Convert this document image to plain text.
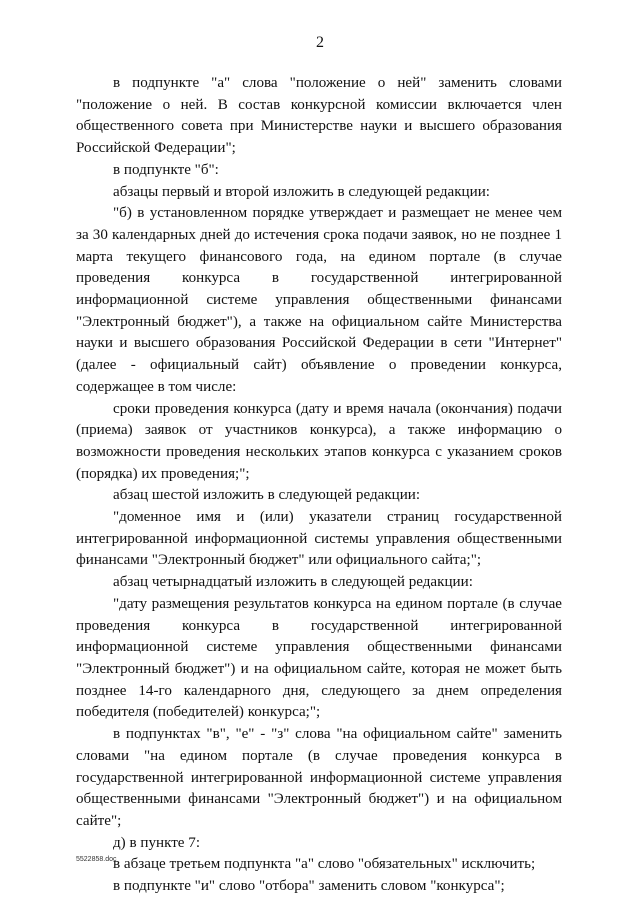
2

в подпункте "а" слова "положение о ней" заменить словами "положение о ней. В состав конкурсной комиссии включается член общественного совета при Министерстве науки и высшего образования Российской Федерации";

в подпункте "б":

абзацы первый и второй изложить в следующей редакции:

"б) в установленном порядке утверждает и размещает не менее чем за 30 календарных дней до истечения срока подачи заявок, но не позднее 1 марта текущего финансового года, на едином портале (в случае проведения конкурса в государственной интегрированной информационной системе управления общественными финансами "Электронный бюджет"), а также на официальном сайте Министерства науки и высшего образования Российской Федерации в сети "Интернет" (далее - официальный сайт) объявление о проведении конкурса, содержащее в том числе:

сроки проведения конкурса (дату и время начала (окончания) подачи (приема) заявок от участников конкурса), а также информацию о возможности проведения нескольких этапов конкурса с указанием сроков (порядка) их проведения;";

абзац шестой изложить в следующей редакции:

"доменное имя и (или) указатели страниц государственной интегрированной информационной системы управления общественными финансами "Электронный бюджет" или официального сайта;";

абзац четырнадцатый изложить в следующей редакции:

"дату размещения результатов конкурса на едином портале (в случае проведения конкурса в государственной интегрированной информационной системе управления общественными финансами "Электронный бюджет") и на официальном сайте, которая не может быть позднее 14-го календарного дня, следующего за днем определения победителя (победителей) конкурса;";

в подпунктах "в", "е" - "з" слова "на официальном сайте" заменить словами "на едином портале (в случае проведения конкурса в государственной интегрированной информационной системе управления общественными финансами "Электронный бюджет") и на официальном сайте";

д) в пункте 7:

в абзаце третьем подпункта "а" слово "обязательных" исключить;

в подпункте "и" слово "отбора" заменить словом "конкурса";

5522858.doc
